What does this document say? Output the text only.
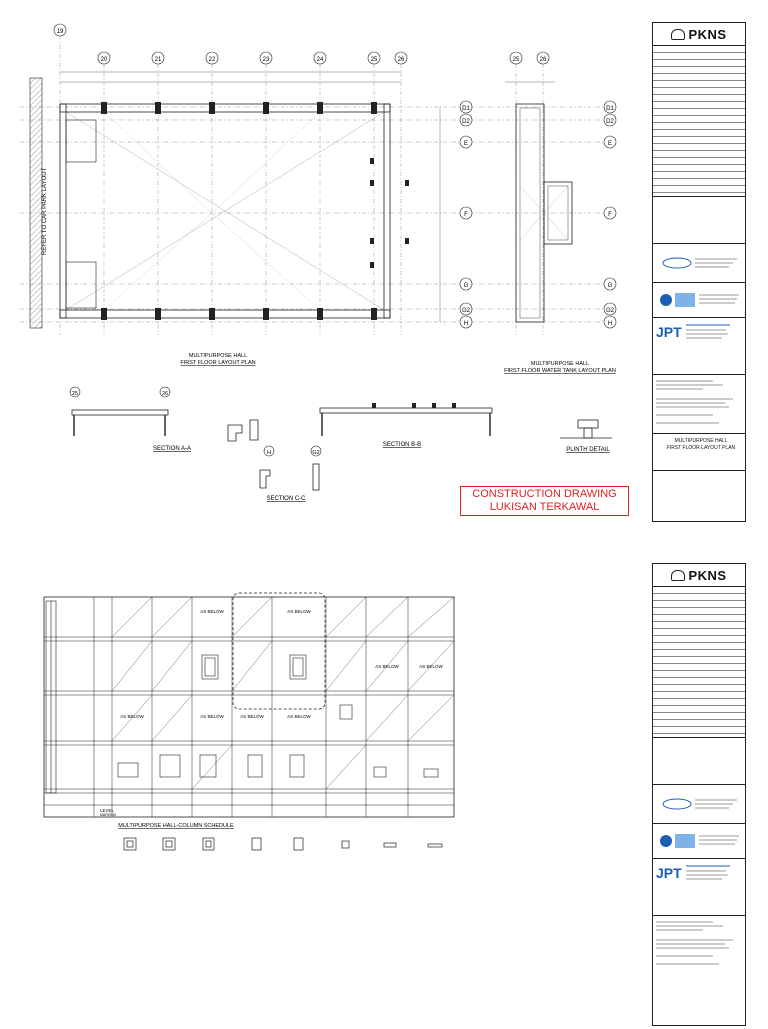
REFER TO CAR PARK LAYOUT
19
20	21	22	23	24	25	26	25	26
D1
D2
E
F
G
G2
H
D1
D2
E
F
G
G2
H
MULTIPURPOSE HALL
FIRST FLOOR LAYOUT PLAN	MULTIPURPOSE HALL
FIRST FLOOR WATER TANK LAYOUT PLAN
25	26
SECTION A-A
SECTION B-B
PLINTH DETAIL
H	G2
SECTION C-C	CONSTRUCTION DRAWING
LUKISAN TERKAWAL
PKNS
JPT
MULTIPURPOSE HALL
FIRST FLOOR LAYOUT PLAN
AS BELOW	AS BELOW
AS BELOW	AS BELOW
AS BELOW	AS BELOW	AS BELOW	AS BELOW
LEVEL
MARKING
MULTIPURPOSE HALL-COLUMN SCHEDULE
PKNS
JPT
